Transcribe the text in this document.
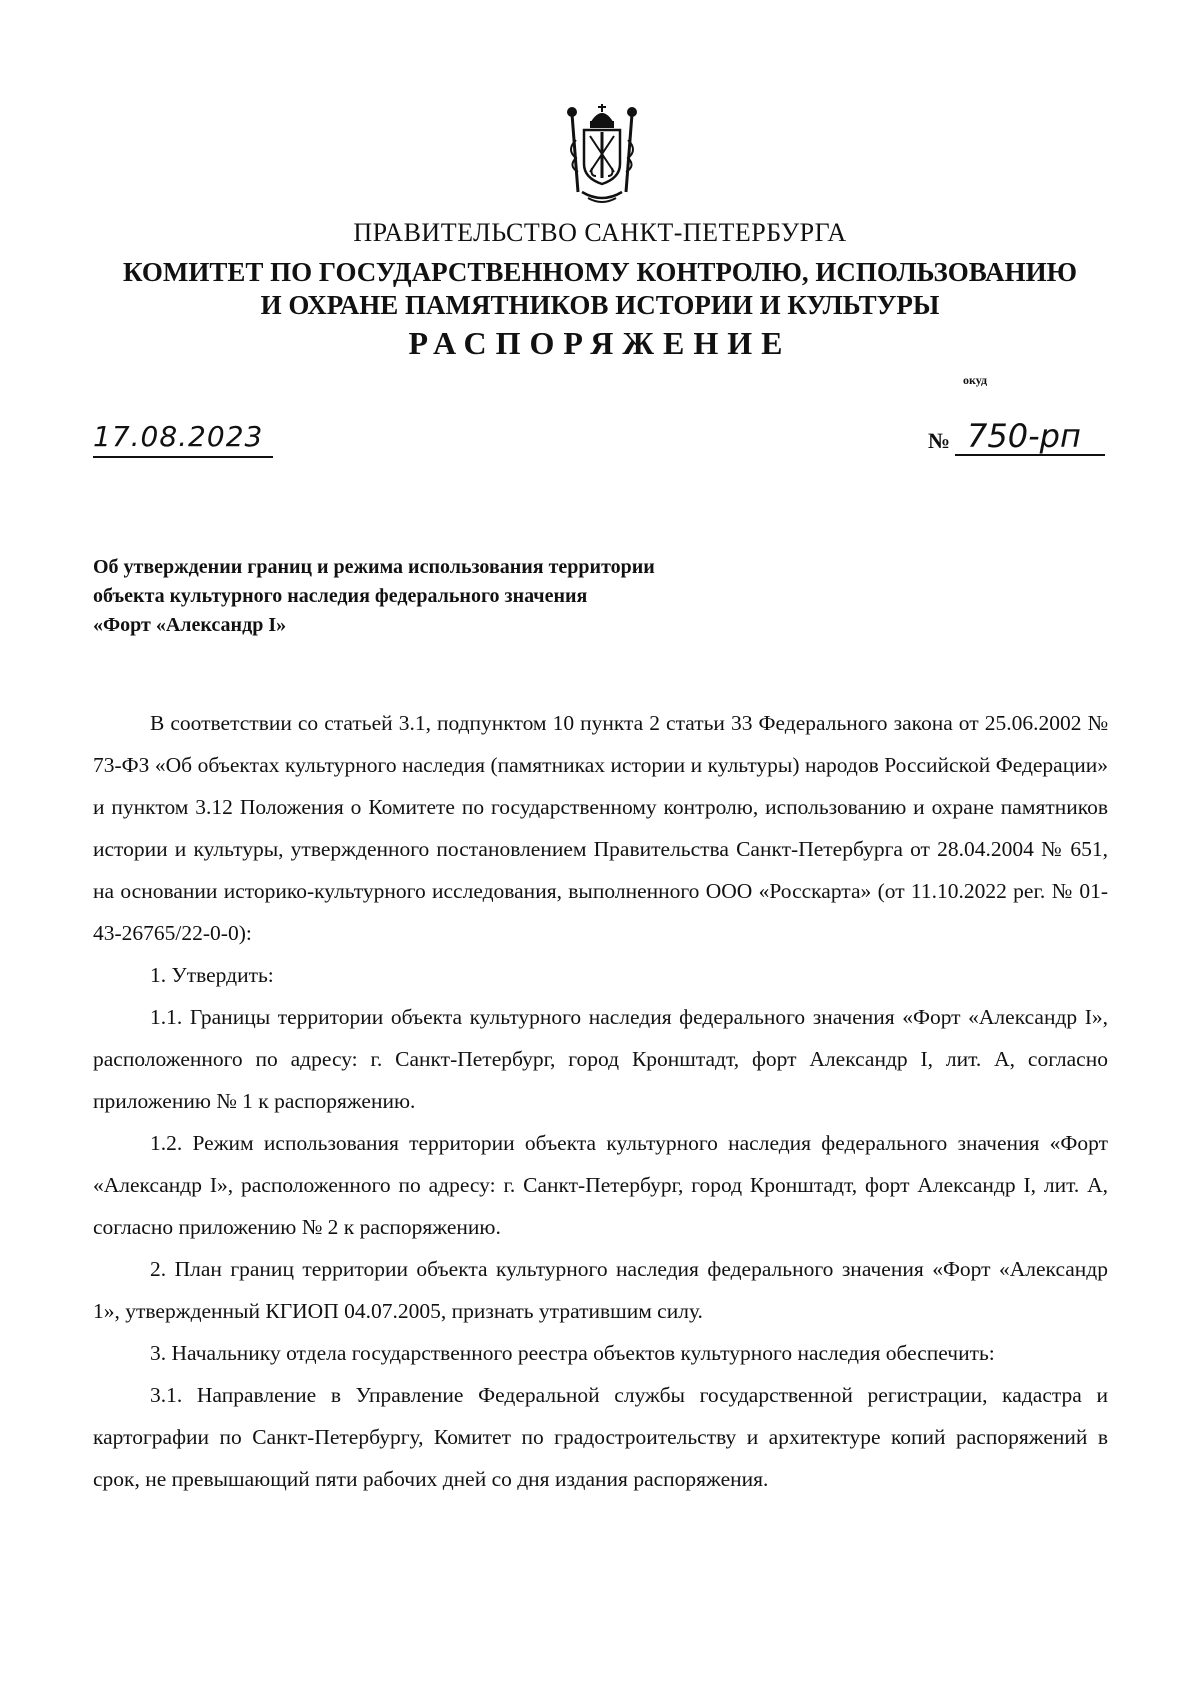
ПРАВИТЕЛЬСТВО САНКТ-ПЕТЕРБУРГА
КОМИТЕТ ПО ГОСУДАРСТВЕННОМУ КОНТРОЛЮ, ИСПОЛЬЗОВАНИЮ
И ОХРАНЕ ПАМЯТНИКОВ ИСТОРИИ И КУЛЬТУРЫ
РАСПОРЯЖЕНИЕ
окуд
17.08.2023	№ 750-рп
Об утверждении границ и режима использования территории
объекта культурного наследия федерального значения
«Форт «Александр I»

В соответствии со статьей 3.1, подпунктом 10 пункта 2 статьи 33 Федерального закона от 25.06.2002 № 73-ФЗ «Об объектах культурного наследия (памятниках истории и культуры) народов Российской Федерации» и пунктом 3.12 Положения о Комитете по государственному контролю, использованию и охране памятников истории и культуры, утвержденного постановлением Правительства Санкт-Петербурга от 28.04.2004 № 651, на основании историко-культурного исследования, выполненного ООО «Росскарта» (от 11.10.2022 рег. № 01-43-26765/22-0-0):

1. Утвердить:

1.1. Границы территории объекта культурного наследия федерального значения «Форт «Александр I», расположенного по адресу: г. Санкт-Петербург, город Кронштадт, форт Александр I, лит. А, согласно приложению № 1 к распоряжению.

1.2. Режим использования территории объекта культурного наследия федерального значения «Форт «Александр I», расположенного по адресу: г. Санкт-Петербург, город Кронштадт, форт Александр I, лит. А, согласно приложению № 2 к распоряжению.

2. План границ территории объекта культурного наследия федерального значения «Форт «Александр 1», утвержденный КГИОП 04.07.2005, признать утратившим силу.

3. Начальнику отдела государственного реестра объектов культурного наследия обеспечить:

3.1. Направление в Управление Федеральной службы государственной регистрации, кадастра и картографии по Санкт-Петербургу, Комитет по градостроительству и архитектуре копий распоряжений в срок, не превышающий пяти рабочих дней со дня издания распоряжения.
